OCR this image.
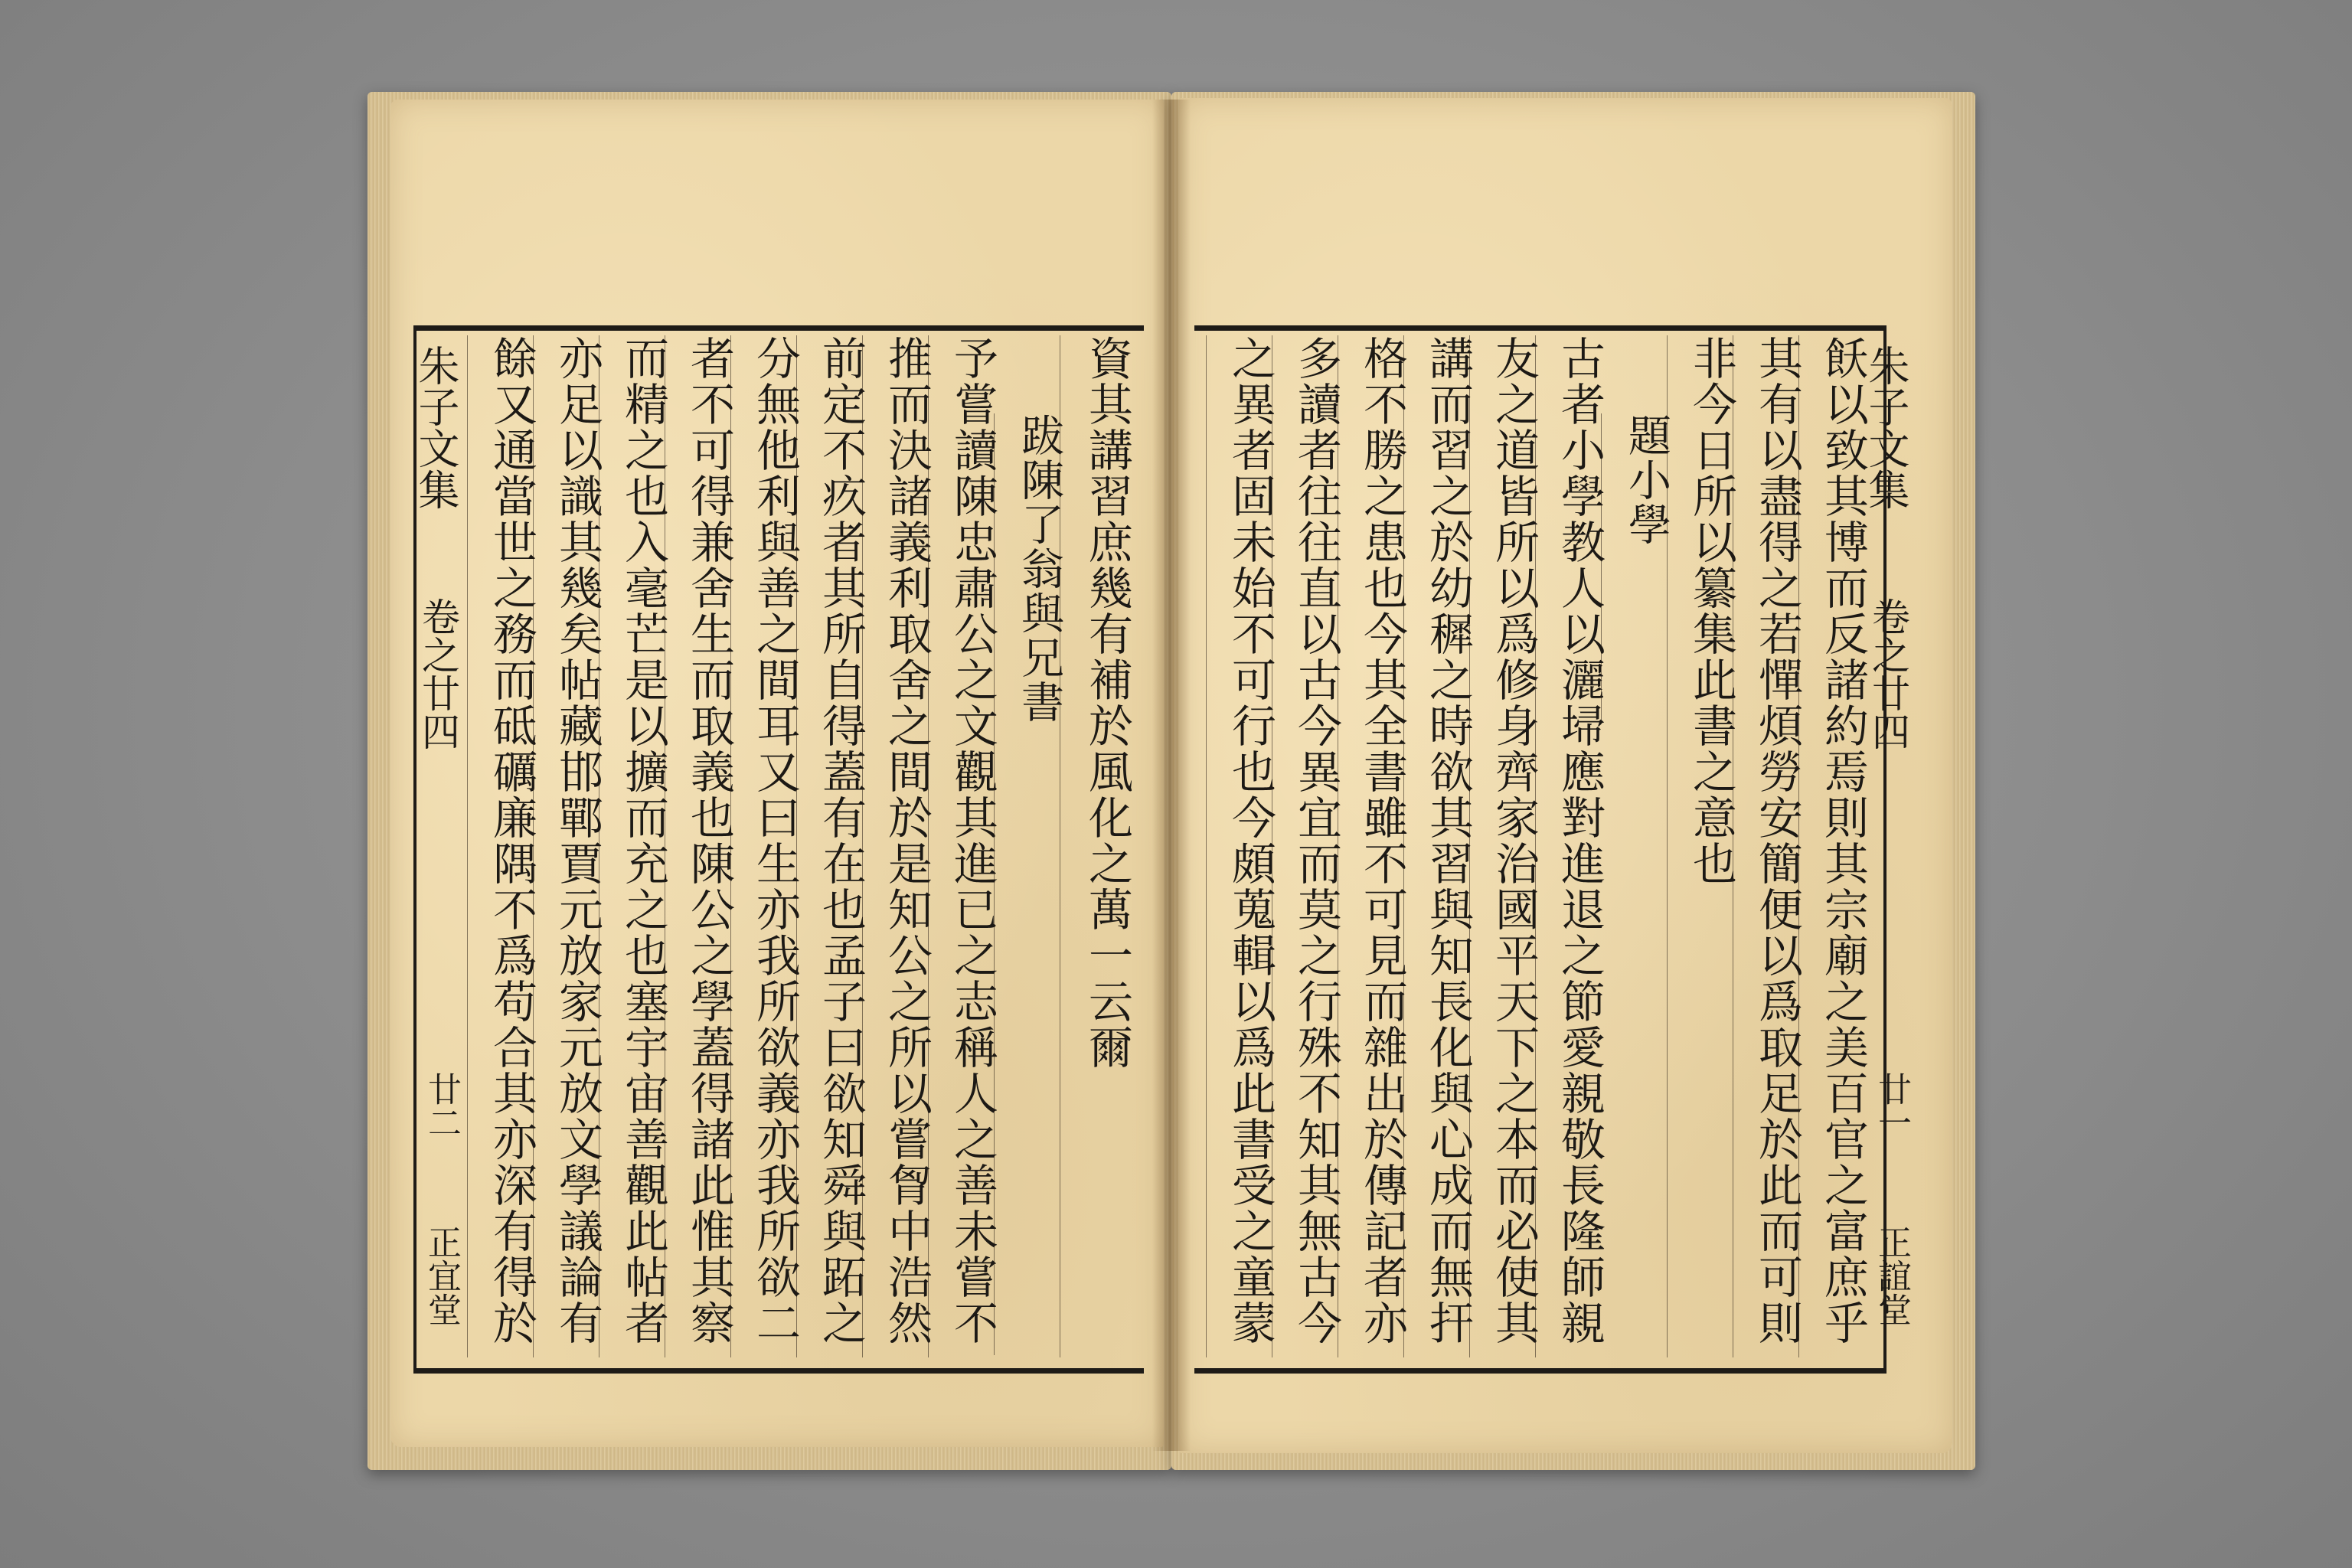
朱子文集
卷之廿四
廿二
正宜堂 餘又通當世之務而砥礪廉隅不爲苟合其亦深有得於 亦足以識其幾矣帖藏邯鄲賈元放家元放文學議論有 而精之也入毫芒是以擴而充之也塞宇宙善觀此帖者 者不可得兼舍生而取義也陳公之學蓋得諸此惟其察 分無他利與善之間耳又曰生亦我所欲義亦我所欲二 前定不疚者其所自得蓋有在也孟子曰欲知舜與跖之 推而決諸義利取舍之間於是知公之所以嘗胷中浩然 予嘗讀陳忠肅公之文觀其進已之志稱人之善未嘗不 跋陳了翁與兄書 資其講習庶幾有補於風化之萬一云爾	之異者固未始不可行也今頗蒐輯以爲此書受之童蒙 多讀者往往直以古今異宜而莫之行殊不知其無古今 格不勝之患也今其全書雖不可見而雜出於傳記者亦 講而習之於幼穉之時欲其習與知長化與心成而無扞 友之道皆所以爲修身齊家治國平天下之本而必使其 古者小學教人以灑埽應對進退之節愛親敬長隆師親 題小學 非今日所以纂集此書之意也 其有以盡得之若憚煩勞安簡便以爲取足於此而可則 飫以致其博而反諸約焉則其宗廟之美百官之富庶乎
朱子文集
卷之廿四
廿一
正誼堂
